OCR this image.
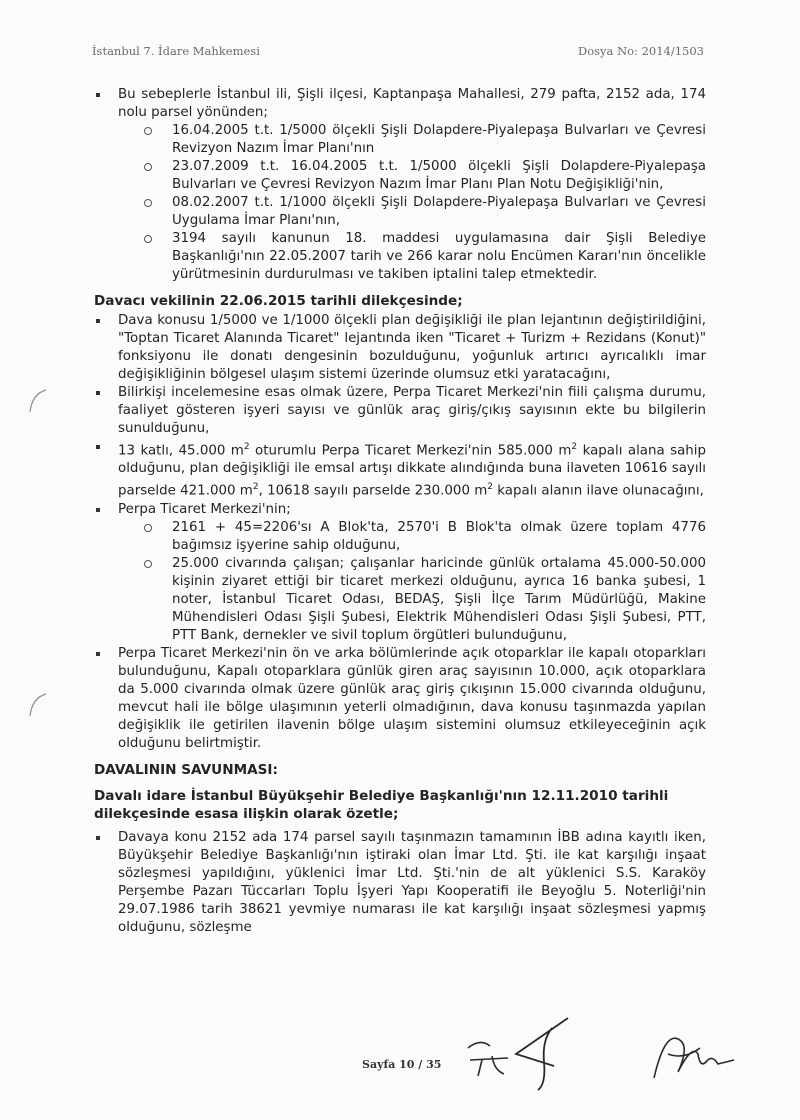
İstanbul 7. İdare Mahkemesi	Dosya No: 2014/1503
Bu sebeplerle İstanbul ili, Şişli ilçesi, Kaptanpaşa Mahallesi, 279 pafta, 2152 ada, 174 nolu parsel yönünden;
16.04.2005 t.t. 1/5000 ölçekli Şişli Dolapdere-Piyalepaşa Bulvarları ve Çevresi Revizyon Nazım İmar Planı'nın
23.07.2009 t.t. 16.04.2005 t.t. 1/5000 ölçekli Şişli Dolapdere-Piyalepaşa Bulvarları ve Çevresi Revizyon Nazım İmar Planı Plan Notu Değişikliği'nin,
08.02.2007 t.t. 1/1000 ölçekli Şişli Dolapdere-Piyalepaşa Bulvarları ve Çevresi Uygulama İmar Planı'nın,
3194 sayılı kanunun 18. maddesi uygulamasına dair Şişli Belediye Başkanlığı'nın 22.05.2007 tarih ve 266 karar nolu Encümen Kararı'nın öncelikle yürütmesinin durdurulması ve takiben iptalini talep etmektedir.
Davacı vekilinin 22.06.2015 tarihli dilekçesinde;
Dava konusu 1/5000 ve 1/1000 ölçekli plan değişikliği ile plan lejantının değiştirildiğini, "Toptan Ticaret Alanında Ticaret" lejantında iken "Ticaret + Turizm + Rezidans (Konut)" fonksiyonu ile donatı dengesinin bozulduğunu, yoğunluk artırıcı ayrıcalıklı imar değişikliğinin bölgesel ulaşım sistemi üzerinde olumsuz etki yaratacağını,
Bilirkişi incelemesine esas olmak üzere, Perpa Ticaret Merkezi'nin fiili çalışma durumu, faaliyet gösteren işyeri sayısı ve günlük araç giriş/çıkış sayısının ekte bu bilgilerin sunulduğunu,
13 katlı, 45.000 $m^2$ oturumlu Perpa Ticaret Merkezi'nin 585.000 $m^2$ kapalı alana sahip olduğunu, plan değişikliği ile emsal artışı dikkate alındığında buna ilaveten 10616 sayılı parselde 421.000 $m^2$, 10618 sayılı parselde 230.000 $m^2$ kapalı alanın ilave olunacağını,
Perpa Ticaret Merkezi'nin;
2161 + 45=2206'sı A Blok'ta, 2570'i B Blok'ta olmak üzere toplam 4776 bağımsız işyerine sahip olduğunu,
25.000 civarında çalışan; çalışanlar haricinde günlük ortalama 45.000-50.000 kişinin ziyaret ettiği bir ticaret merkezi olduğunu, ayrıca 16 banka şubesi, 1 noter, İstanbul Ticaret Odası, BEDAŞ, Şişli İlçe Tarım Müdürlüğü, Makine Mühendisleri Odası Şişli Şubesi, Elektrik Mühendisleri Odası Şişli Şubesi, PTT, PTT Bank, dernekler ve sivil toplum örgütleri bulunduğunu,
Perpa Ticaret Merkezi'nin ön ve arka bölümlerinde açık otoparklar ile kapalı otoparkları bulunduğunu, Kapalı otoparklara günlük giren araç sayısının 10.000, açık otoparklara da 5.000 civarında olmak üzere günlük araç giriş çıkışının 15.000 civarında olduğunu, mevcut hali ile bölge ulaşımının yeterli olmadığının, dava konusu taşınmazda yapılan değişiklik ile getirilen ilavenin bölge ulaşım sistemini olumsuz etkileyeceğinin açık olduğunu belirtmiştir.
DAVALININ SAVUNMASI:
Davalı idare İstanbul Büyükşehir Belediye Başkanlığı'nın 12.11.2010 tarihli dilekçesinde esasa ilişkin olarak özetle;
Davaya konu 2152 ada 174 parsel sayılı taşınmazın tamamının İBB adına kayıtlı iken, Büyükşehir Belediye Başkanlığı'nın iştiraki olan İmar Ltd. Şti. ile kat karşılığı inşaat sözleşmesi yapıldığını, yüklenici İmar Ltd. Şti.'nin de alt yüklenici S.S. Karaköy Perşembe Pazarı Tüccarları Toplu İşyeri Yapı Kooperatifi ile Beyoğlu 5. Noterliği'nin 29.07.1986 tarih 38621 yevmiye numarası ile kat karşılığı inşaat sözleşmesi yapmış olduğunu, sözleşme
Sayfa 10 / 35
